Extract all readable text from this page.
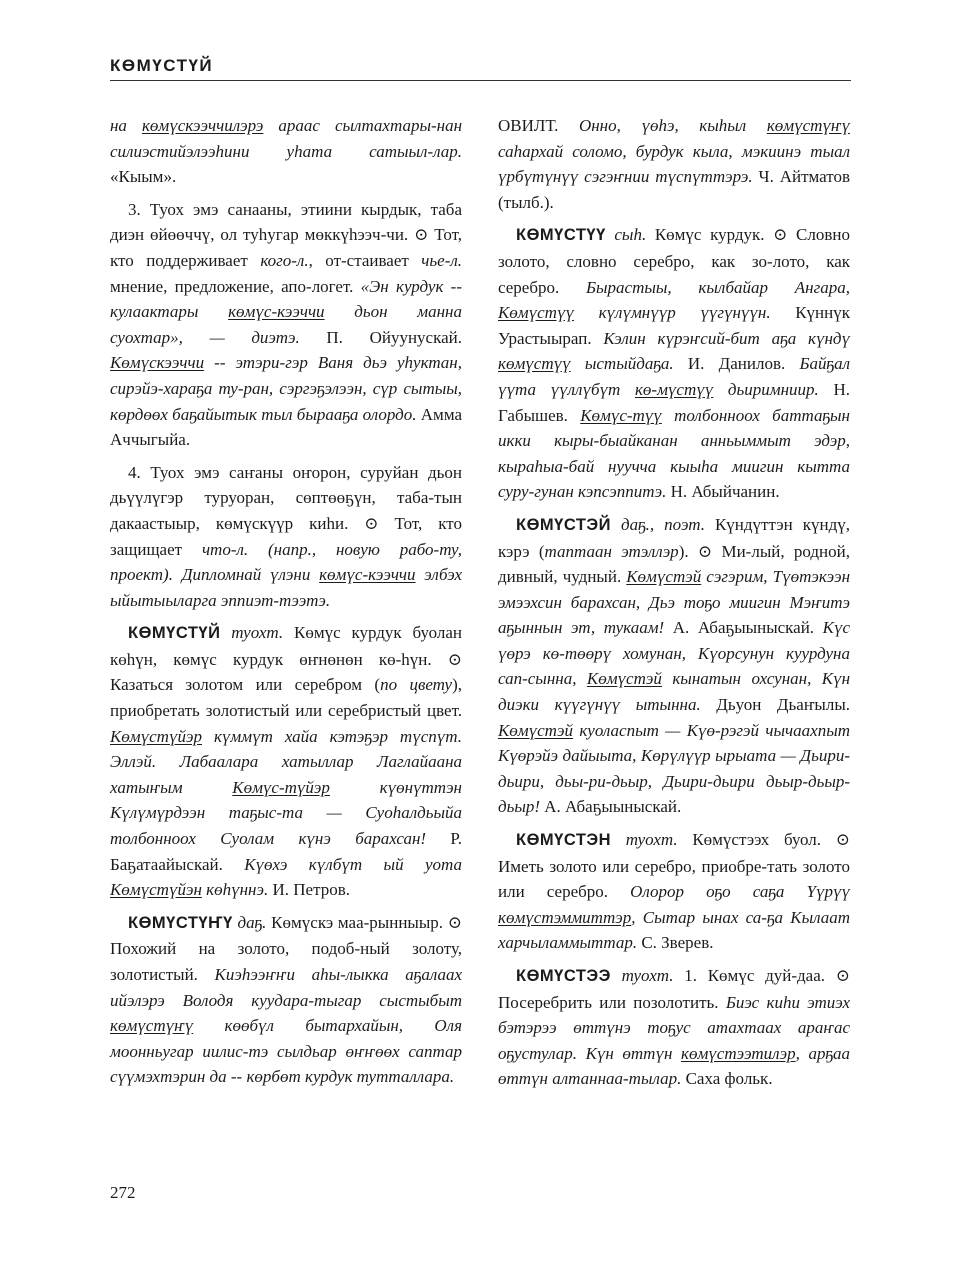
КӨМҮСТҮЙ

на көмүскээччилэрэ араас сылтахтары-нан силиэстийэлээһини уһата сатыыл-лар. «Кыым».

3. Туох эмэ санааны, этиини кырдык, таба диэн өйөөччү, ол туһугар мөккүһээч-чи. ⊙ Тот, кто поддерживает кого-л., от-стаивает чье-л. мнение, предложение, апо-логет. «Эн курдук -- кулаактары көмүс-кээччи дьон манна суохтар», — диэтэ. П. Ойуунускай. Көмүскээччи -- этэри-гэр Ваня дьэ уһуктан, сирэйэ-хараҕа ту-ран, сэргэҕэлээн, сүр сытыы, көрдөөх баҕайытык тыл бырааҕа олордо. Амма Аччыгыйа.

4. Туох эмэ саҥаны оҥорон, суруйан дьон дьүүлүгэр туруоран, сөптөөҕүн, таба-тын дакаастыыр, көмүскүүр киһи. ⊙ Тот, кто защищает что-л. (напр., новую рабо-ту, проект). Дипломнай үлэни көмүс-кээччи элбэх ыйытыыларга эппиэт-тээтэ.

КӨМҮСТҮЙ туохт. Көмүс курдук буолан көһүн, көмүс курдук өҥнөнөн кө-һүн. ⊙ Казаться золотом или серебром (по цвету), приобретать золотистый или серебристый цвет. Көмүстүйэр күммүт хайа кэтэҕэр түспүт. Эллэй. Лабаалара хатыллар Лаглайаана хатыҥым Көмүс-түйэр күөнүттэн Күлүмүрдээн таҕыс-та — Суоһалдьыйа толбонноох Суолам күнэ барахсан! Р. Баҕатаайыскай. Күөхэ күлбүт ый уота Көмүстүйэн көһүннэ. И. Петров.

КӨМҮСТҮҤҮ даҕ. Көмүскэ маа-рынныыр. ⊙ Похожий на золото, подоб-ный золоту, золотистый. Киэһээҥҥи аһы-лыкка аҕалаах ийэлэрэ Володя куударa-тыгар сыстыбыт көмүстүҥү көөбүл бытархайын, Оля моонньугар иилис-тэ сылдьар өҥҥөөх саптар сүүмэхтэрин да -- көрбөт курдук тутталлара.

ОВИЛТ. Онно, үөһэ, кыһыл көмүстүҥү саһархай соломо, бурдук кыла, мэкиинэ тыал үрбүтүнүү сэгэҥнии түспүттэрэ. Ч. Айтматов (тылб.).

КӨМҮСТҮҮ сыһ. Көмүс курдук. ⊙ Словно золото, словно серебро, как зо-лото, как серебро. Быpастыы, кылбайар Ангара, Көмүстүү күлүмнүүр үүгүнүүн. Күннүк Урастыырап. Кэлин күрэҥсий-бит аҕа күндү көмүстүү ыстыйдаҕа. И. Данилов. Байҕал үүта үүллүбүт кө-мүстүү дьиримниир. Н. Габышев. Көмүс-түү толбонноох баттаҕын икки кыры-быайканан анньыммыт эдэр, кыраһыа-бай нууччa кыыһа миигин кытта суру-гунан кэпсэппитэ. Н. Абыйчанин.

КӨМҮСТЭЙ даҕ., поэт. Күндүттэн күндү, кэрэ (таптаан этэллэр). ⊙ Ми-лый, родной, дивный, чудный. Көмүстэй сэгэрим, Түөтэкээн эмээхсин барахсан, Дьэ тоҕо миигин Мэҥитэ аҕыннын эт, тукаам! А. Абаҕыыныскай. Күс үөрэ кө-төөрү хомунан, Күорсунун куурдуна сап-сынна, Көмүстэй кынатын охсунан, Күн диэки күүгүнүү ытынна. Дьуон Дьаҥылы. Көмүстэй куоласпыт — Күө-рэгэй чычаахпыт Күөрэйэ дайыыта, Көрүлүүр ырыата — Дьири-дьири, дьы-ри-дьыр, Дьири-дьири дьыр-дьыр-дьыр! А. Абаҕыыныскай.

КӨМҮСТЭН туохт. Көмүстээх буол. ⊙ Иметь золото или серебро, приобре-тать золото или серебро. Олорор оҕо саҕа Үүрүү көмүстэммиттэр, Сытар ынах са-ҕа Кылаат харчыламмыттар. С. Зверев.

КӨМҮСТЭЭ туохт. 1. Көмүс дуй-даа. ⊙ Посеребрить или позолотить. Биэс киһи этиэх бэтэрээ өттүнэ тоҕус атахтаах араҥас оҕустулар. Күн өттүн көмүстээтилэр, арҕаа өттүн алтаннаа-тылар. Саха фольк.

272
